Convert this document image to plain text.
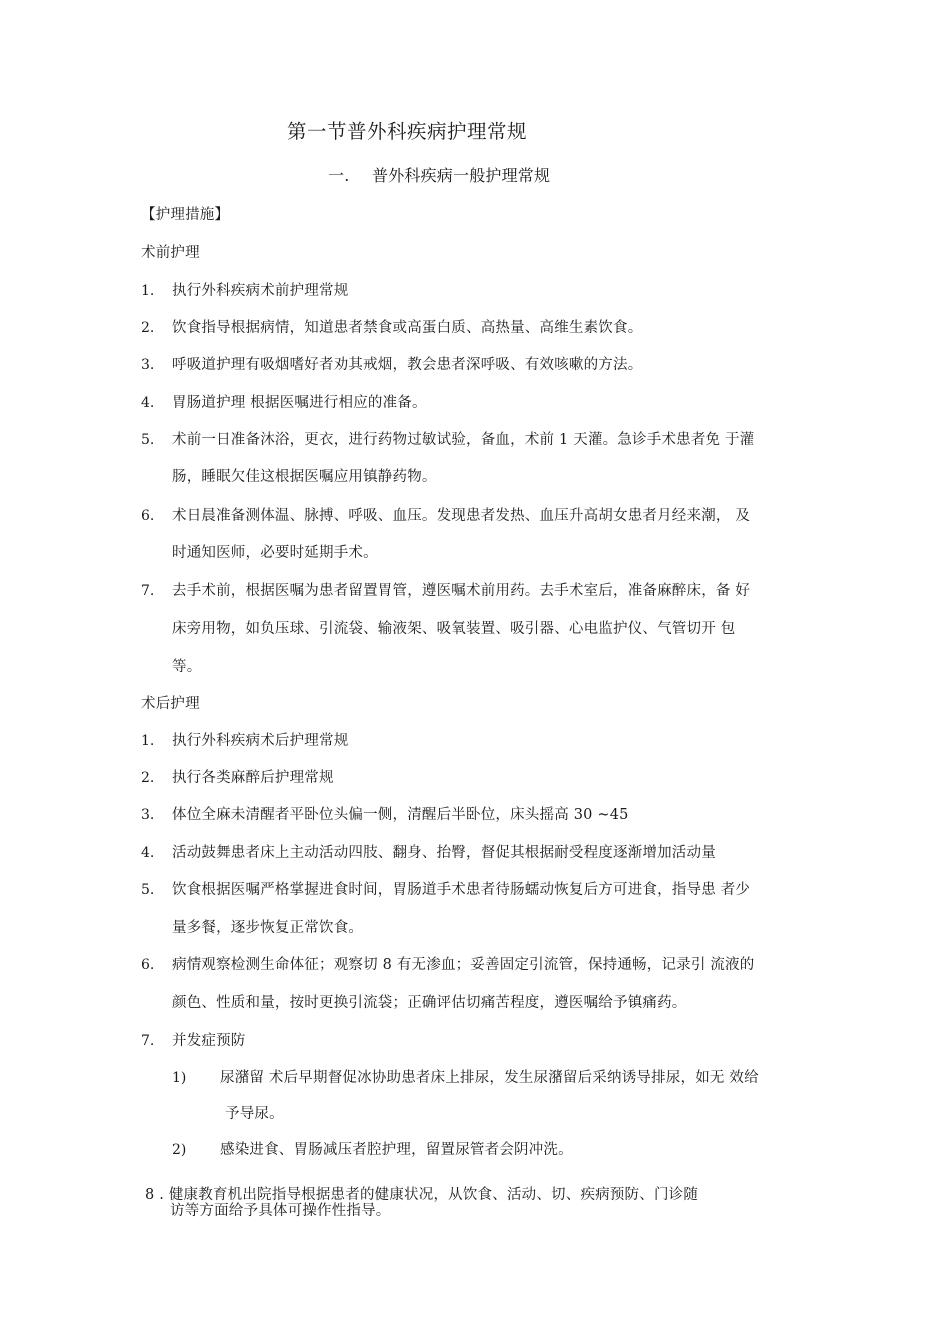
第一节普外科疾病护理常规
一. 普外科疾病一般护理常规
【护理措施】
术前护理
1. 执行外科疾病术前护理常规
2. 饮食指导根据病情，知道患者禁食或高蛋白质、高热量、高维生素饮食。
3. 呼吸道护理有吸烟嗜好者劝其戒烟，教会患者深呼吸、有效咳嗽的方法。
4. 胃肠道护理 根据医嘱进行相应的准备。
5. 术前一日准备沐浴，更衣，进行药物过敏试验，备血，术前 1 天灌。急诊手术患者免 于灌
肠，睡眠欠佳这根据医嘱应用镇静药物。
6. 术日晨准备测体温、脉搏、呼吸、血压。发现患者发热、血压升高胡女患者月经来潮， 及
时通知医师，必要时延期手术。
7. 去手术前，根据医嘱为患者留置胃管，遵医嘱术前用药。去手术室后，准备麻醉床，备 好
床旁用物，如负压球、引流袋、输液架、吸氧装置、吸引器、心电监护仪、气管切开 包
等。
术后护理
1. 执行外科疾病术后护理常规
2. 执行各类麻醉后护理常规
3. 体位全麻未清醒者平卧位头偏一侧，清醒后半卧位，床头摇高 30 ~45
4. 活动鼓舞患者床上主动活动四肢、翻身、抬臀，督促其根据耐受程度逐渐增加活动量
5. 饮食根据医嘱严格掌握进食时间，胃肠道手术患者待肠蠕动恢复后方可进食，指导患 者少
量多餐，逐步恢复正常饮食。
6. 病情观察检测生命体征；观察切 8 有无渗血；妥善固定引流管，保持通畅，记录引 流液的
颜色、性质和量，按时更换引流袋；正确评估切痛苦程度，遵医嘱给予镇痛药。
7. 并发症预防
1) 尿潴留 术后早期督促冰协助患者床上排尿，发生尿潴留后采纳诱导排尿，如无 效给
予导尿。
2) 感染进食、胃肠减压者腔护理，留置尿管者会阴冲洗。
8 . 健康教育机出院指导根据患者的健康状况，从饮食、活动、切、疾病预防、门诊随
访等方面给予具体可操作性指导。
